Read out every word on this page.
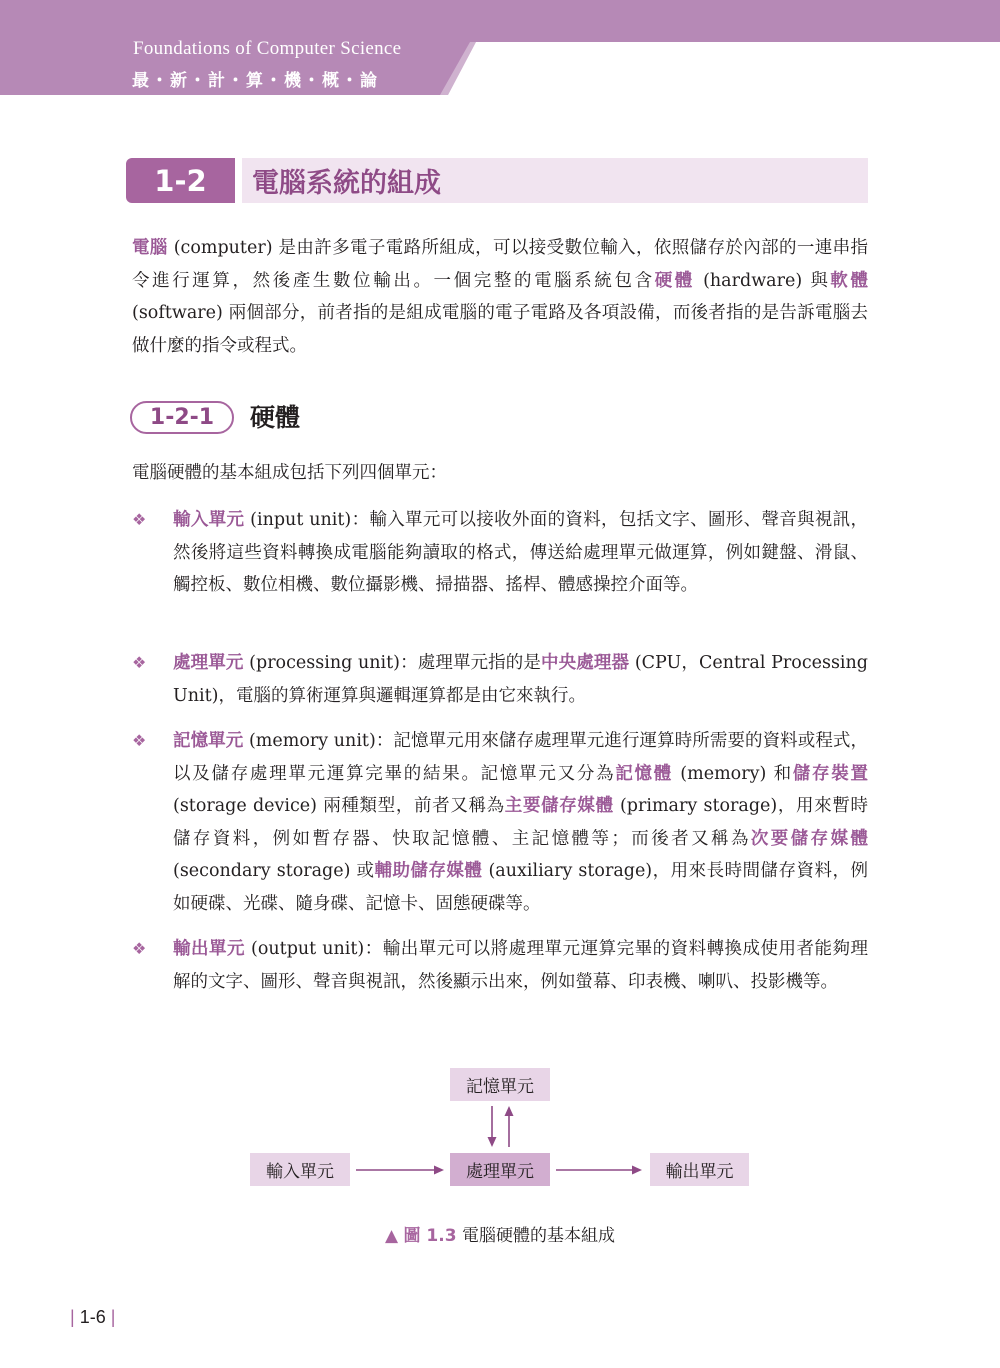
Foundations of Computer Science
最・新・計・算・機・概・論
1-2	電腦系統的組成

電腦 (computer) 是由許多電子電路所組成，可以接受數位輸入，依照儲存於內部的一連串指令進行運算，然後產生數位輸出。一個完整的電腦系統包含硬體 (hardware) 與軟體 (software) 兩個部分，前者指的是組成電腦的電子電路及各項設備，而後者指的是告訴電腦去做什麼的指令或程式。

1-2-1	硬體

電腦硬體的基本組成包括下列四個單元：

❖	輸入單元 (input unit)：輸入單元可以接收外面的資料，包括文字、圖形、聲音與視訊，然後將這些資料轉換成電腦能夠讀取的格式，傳送給處理單元做運算，例如鍵盤、滑鼠、觸控板、數位相機、數位攝影機、掃描器、搖桿、體感操控介面等。
❖	處理單元 (processing unit)：處理單元指的是中央處理器 (CPU，Central Processing Unit)，電腦的算術運算與邏輯運算都是由它來執行。
❖	記憶單元 (memory unit)：記憶單元用來儲存處理單元進行運算時所需要的資料或程式，以及儲存處理單元運算完畢的結果。記憶單元又分為記憶體 (memory) 和儲存裝置 (storage device) 兩種類型，前者又稱為主要儲存媒體 (primary storage)，用來暫時儲存資料，例如暫存器、快取記憶體、主記憶體等；而後者又稱為次要儲存媒體 (secondary storage) 或輔助儲存媒體 (auxiliary storage)，用來長時間儲存資料，例如硬碟、光碟、隨身碟、記憶卡、固態硬碟等。
❖	輸出單元 (output unit)：輸出單元可以將處理單元運算完畢的資料轉換成使用者能夠理解的文字、圖形、聲音與視訊，然後顯示出來，例如螢幕、印表機、喇叭、投影機等。
記憶單元
輸入單元	處理單元	輸出單元
▲ 圖 1.3 電腦硬體的基本組成
| 1-6 |
